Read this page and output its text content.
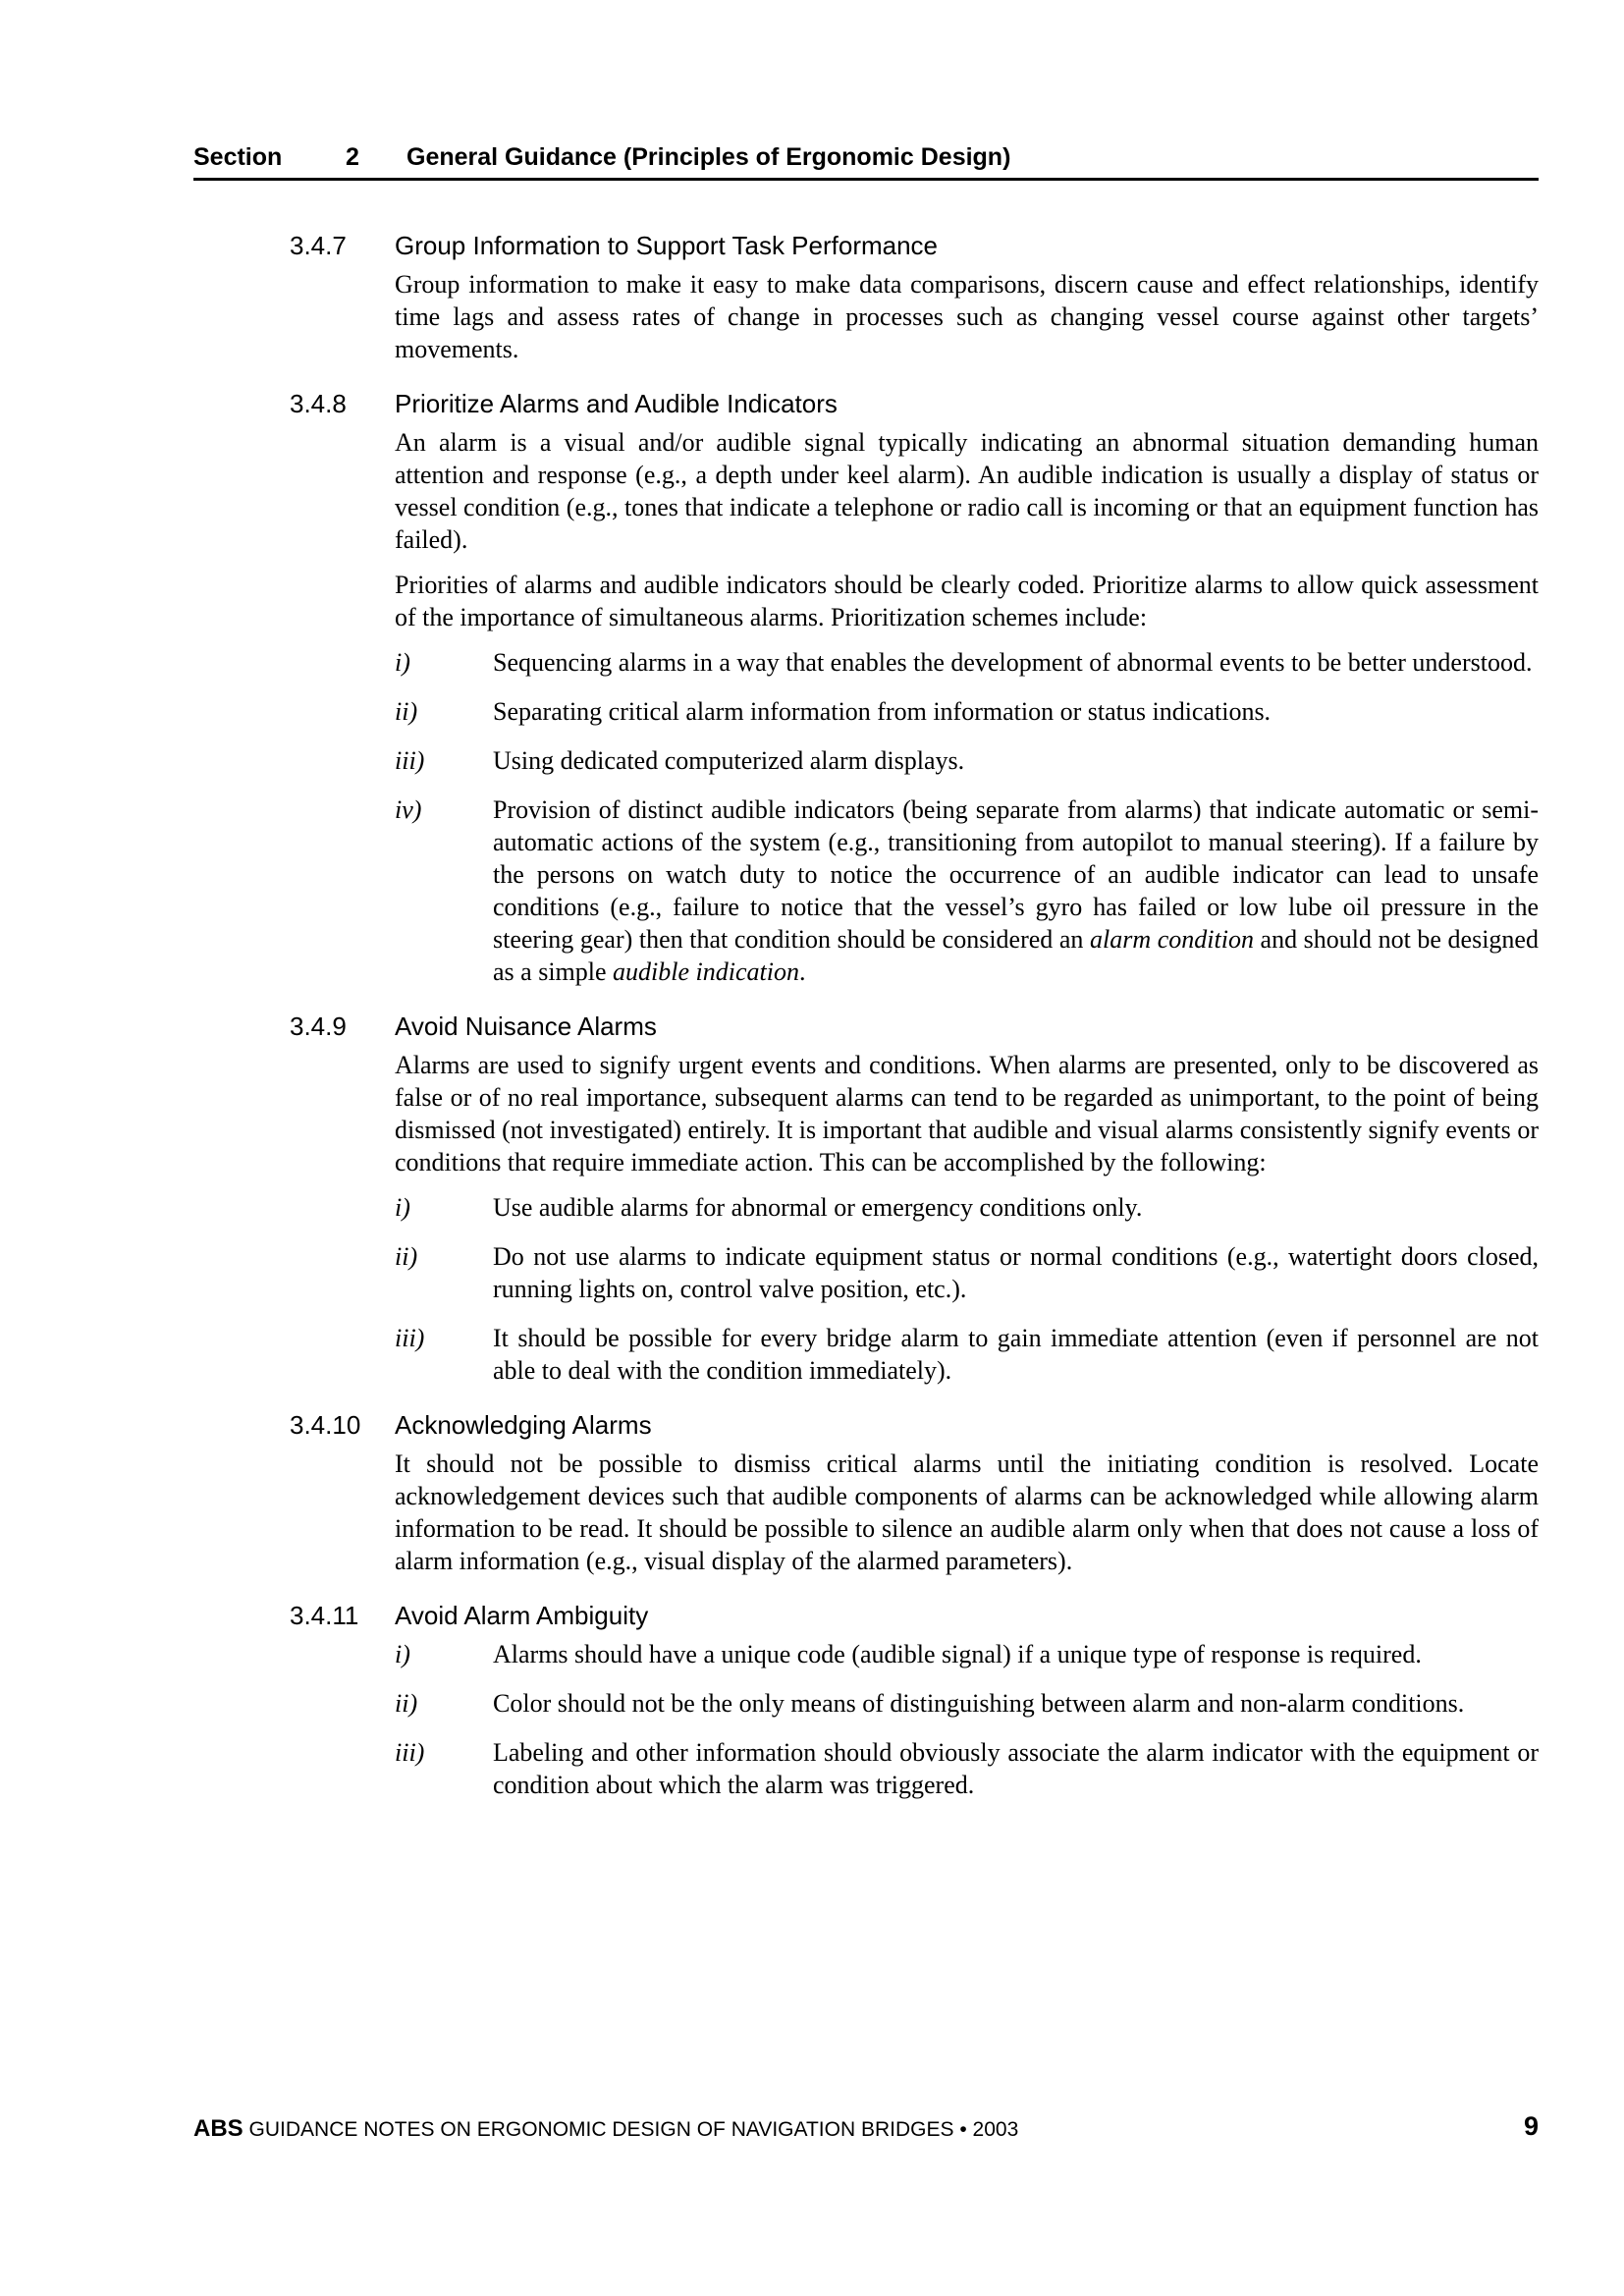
Section	2 General Guidance (Principles of Ergonomic Design)
3.4.7	Group Information to Support Task Performance

Group information to make it easy to make data comparisons, discern cause and effect relationships, identify time lags and assess rates of change in processes such as changing vessel course against other targets’ movements.

3.4.8	Prioritize Alarms and Audible Indicators

An alarm is a visual and/or audible signal typically indicating an abnormal situation demanding human attention and response (e.g., a depth under keel alarm). An audible indication is usually a display of status or vessel condition (e.g., tones that indicate a telephone or radio call is incoming or that an equipment function has failed).

Priorities of alarms and audible indicators should be clearly coded. Prioritize alarms to allow quick assessment of the importance of simultaneous alarms. Prioritization schemes include:

i)	Sequencing alarms in a way that enables the development of abnormal events to be better understood.
ii)	Separating critical alarm information from information or status indications.
iii)	Using dedicated computerized alarm displays.
iv)	Provision of distinct audible indicators (being separate from alarms) that indicate automatic or semi-automatic actions of the system (e.g., transitioning from autopilot to manual steering). If a failure by the persons on watch duty to notice the occurrence of an audible indicator can lead to unsafe conditions (e.g., failure to notice that the vessel’s gyro has failed or low lube oil pressure in the steering gear) then that condition should be considered an alarm condition and should not be designed as a simple audible indication.
3.4.9	Avoid Nuisance Alarms

Alarms are used to signify urgent events and conditions. When alarms are presented, only to be discovered as false or of no real importance, subsequent alarms can tend to be regarded as unimportant, to the point of being dismissed (not investigated) entirely. It is important that audible and visual alarms consistently signify events or conditions that require immediate action. This can be accomplished by the following:

i)	Use audible alarms for abnormal or emergency conditions only.
ii)	Do not use alarms to indicate equipment status or normal conditions (e.g., watertight doors closed, running lights on, control valve position, etc.).
iii)	It should be possible for every bridge alarm to gain immediate attention (even if personnel are not able to deal with the condition immediately).
3.4.10	Acknowledging Alarms

It should not be possible to dismiss critical alarms until the initiating condition is resolved. Locate acknowledgement devices such that audible components of alarms can be acknowledged while allowing alarm information to be read. It should be possible to silence an audible alarm only when that does not cause a loss of alarm information (e.g., visual display of the alarmed parameters).

3.4.11	Avoid Alarm Ambiguity
i)	Alarms should have a unique code (audible signal) if a unique type of response is required.
ii)	Color should not be the only means of distinguishing between alarm and non-alarm conditions.
iii)	Labeling and other information should obviously associate the alarm indicator with the equipment or condition about which the alarm was triggered.
ABS GUIDANCE NOTES ON ERGONOMIC DESIGN OF NAVIGATION BRIDGES • 2003	9
